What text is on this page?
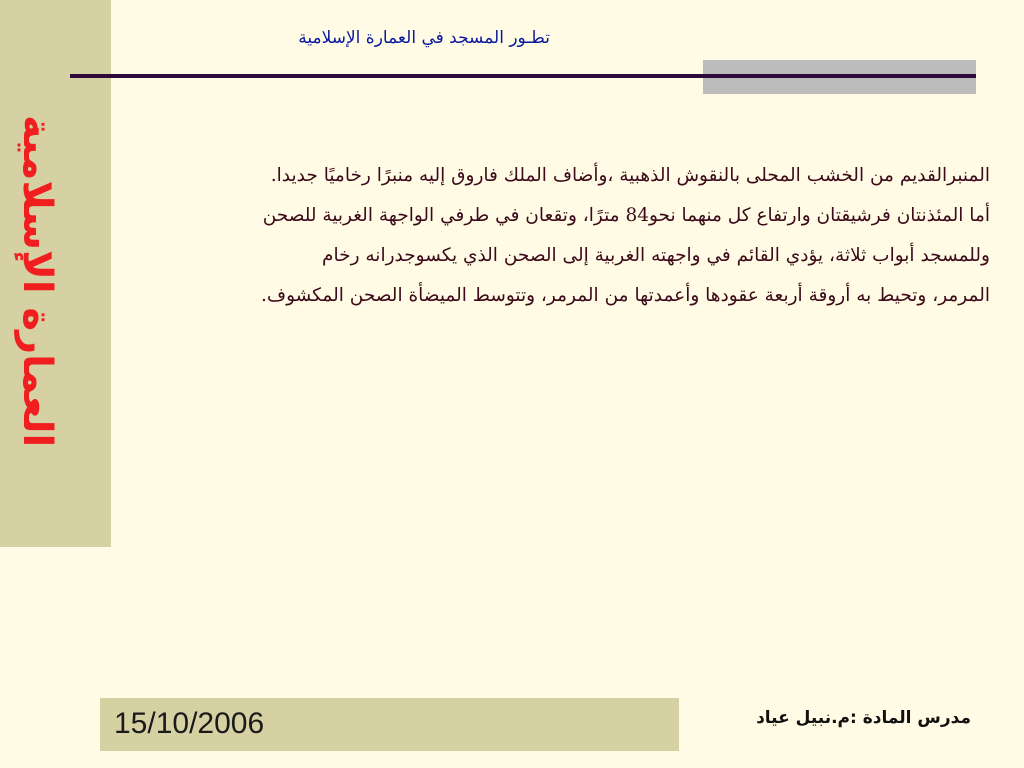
العمارة الإسلامية
تطـور المسجد في العمارة الإسلامية
المنبرالقديم من الخشب المحلى بالنقوش الذهبية ،وأضاف الملك فاروق إليه منبرًا رخاميًا جديدا.
أما المئذنتان فرشيقتان وارتفاع كل منهما نحو84 مترًا، وتقعان في طرفي الواجهة الغربية للصحن
وللمسجد أبواب ثلاثة، يؤدي القائم في واجهته الغربية إلى الصحن الذي يكسوجدرانه رخام
المرمر، وتحيط به أروقة أربعة عقودها وأعمدتها من المرمر، وتتوسط الميضأة الصحن المكشوف.
15/10/2006	مدرس المادة :م.نبيل عياد
